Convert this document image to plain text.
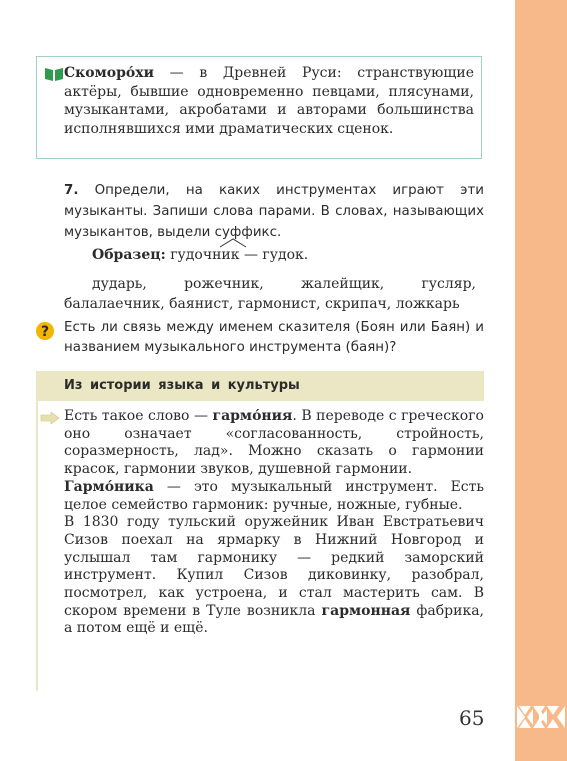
Скоморо́хи — в Древней Руси: странствующие актёры, бывшие одновременно певцами, плясунами, музыкантами, акробатами и авторами большинства исполнявшихся ими драматических сценок.
7. Определи, на каких инструментах играют эти музыканты. Запиши слова парами. В словах, называющих музыкантов, выдели суффикс.
Образец: гудочн
ик — гудок.
дударь, рожечник, жалейщик, гусляр, балалаечник, баянист, гармонист, скрипач, ложкарь
? Есть ли связь между именем сказителя (Боян или Баян) и названием музыкального инструмента (баян)?
Из истории языка и культуры

Есть такое слово — гармо́ния. В переводе с греческого оно означает «согласованность, стройность, соразмерность, лад». Можно сказать о гармонии красок, гармонии звуков, душевной гармонии.

Гармо́ника — это музыкальный инструмент. Есть целое семейство гармоник: ручные, ножные, губные.

В 1830 году тульский оружейник Иван Евстратьевич Сизов поехал на ярмарку в Нижний Новгород и услышал там гармонику — редкий заморский инструмент. Купил Сизов диковинку, разобрал, посмотрел, как устроена, и стал мастерить сам. В скором времени в Туле возникла гармонная фабрика, а потом ещё и ещё.

65
